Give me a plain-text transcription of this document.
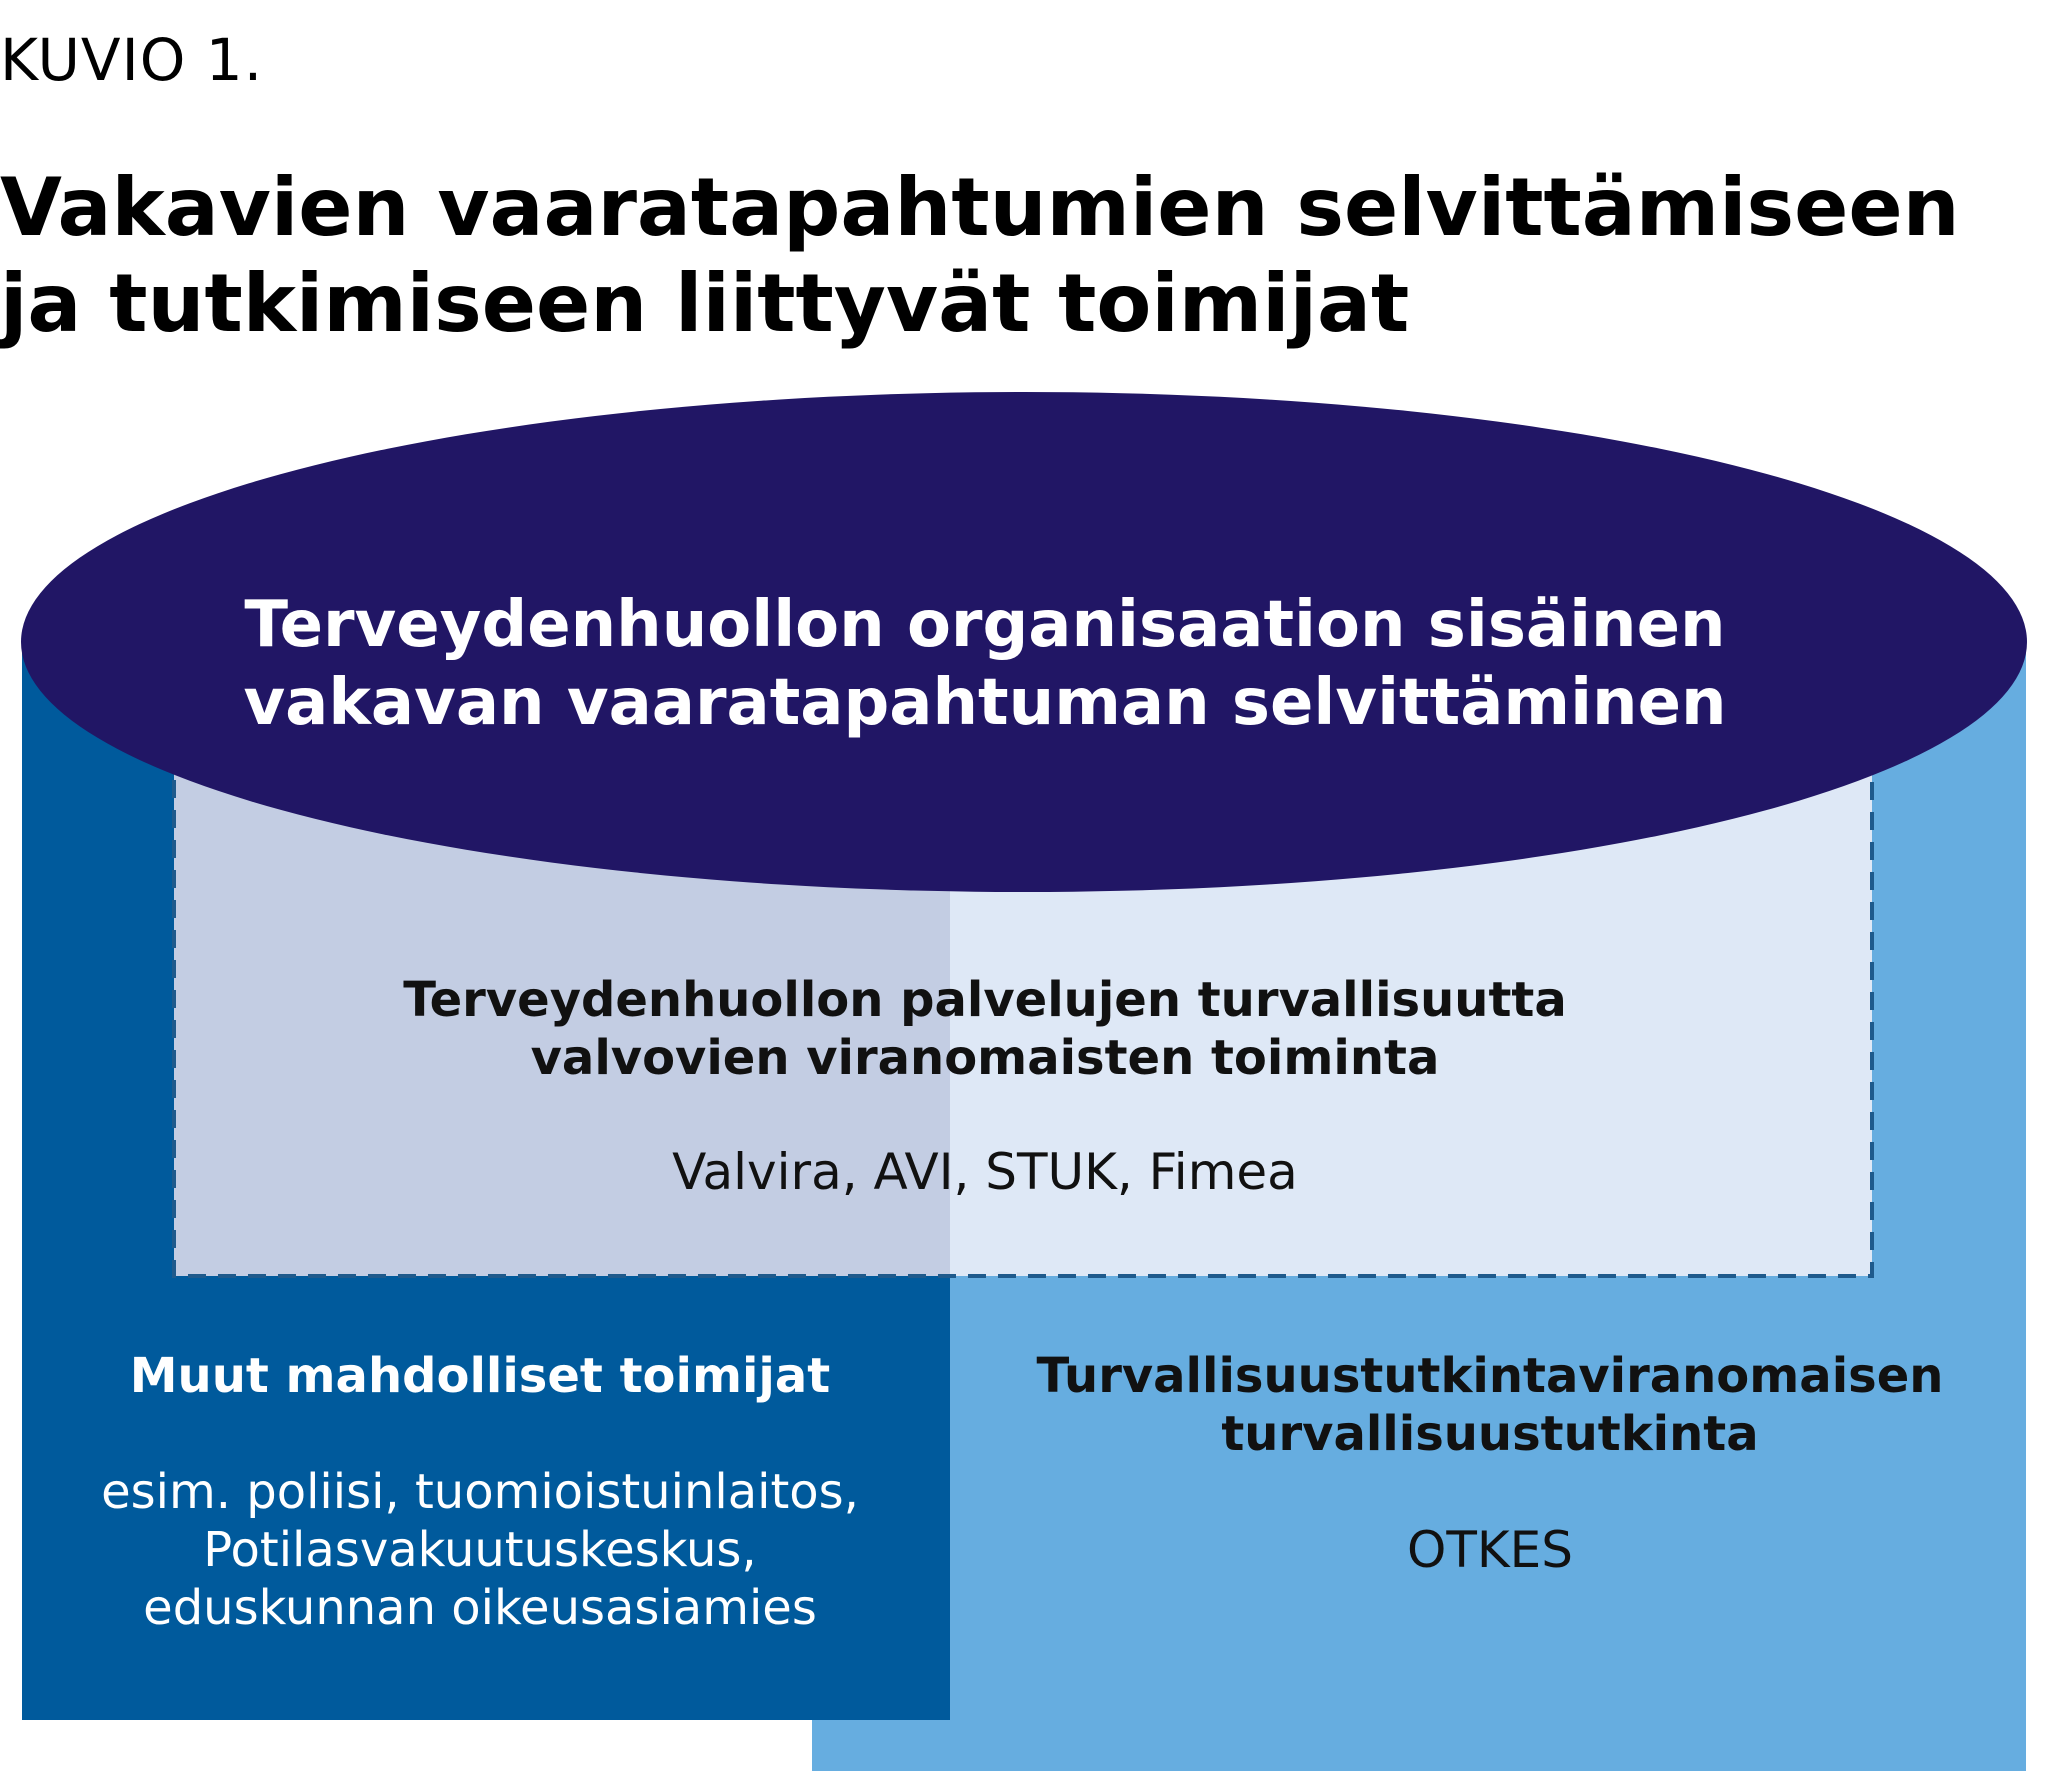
KUVIO 1.
Vakavien vaaratapahtumien selvittämiseen ja tutkimiseen liittyvät toimijat
Terveydenhuollon organisaation sisäinen vakavan vaaratapahtuman selvittäminen
Terveydenhuollon palvelujen turvallisuutta valvovien viranomaisten toiminta
Valvira, AVI, STUK, Fimea
Muut mahdolliset toimijat
esim. poliisi, tuomioistuinlaitos,
Potilasvakuutuskeskus,
eduskunnan oikeusasiamies
Turvallisuustutkintaviranomaisen turvallisuustutkinta
OTKES
